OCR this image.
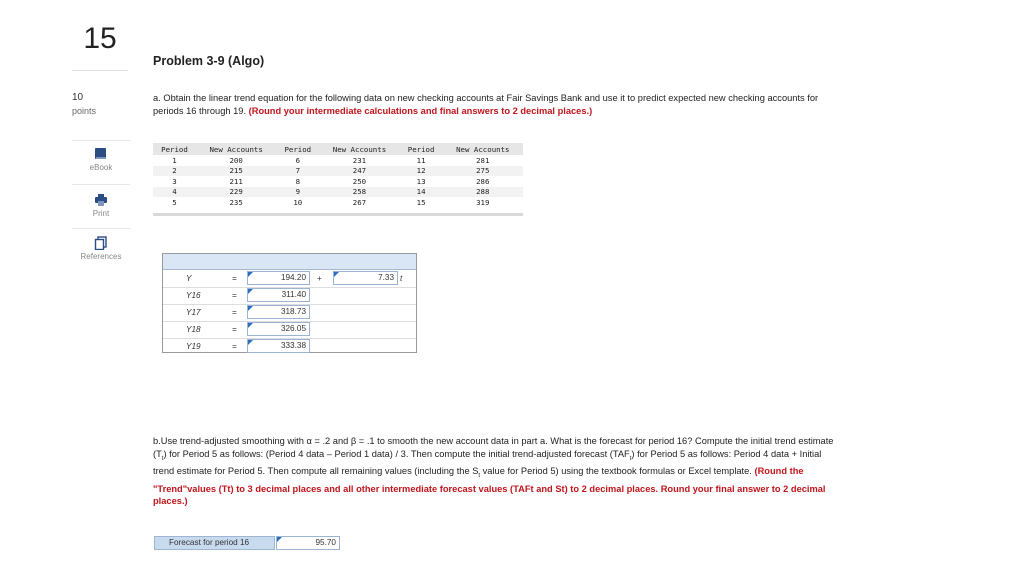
15
10
points
eBook
Print
References
Problem 3-9 (Algo)
a. Obtain the linear trend equation for the following data on new checking accounts at Fair Savings Bank and use it to predict expected new checking accounts for periods 16 through 19. (Round your intermediate calculations and final answers to 2 decimal places.)
Period	New Accounts	Period	New Accounts	Period	New Accounts
1	200	6	231	11	281
2	215	7	247	12	275
3	211	8	250	13	286
4	229	9	258	14	288
5	235	10	267	15	319
Y	=	194.20	+	7.33 t
Y16	=	311.40
Y17	=	318.73
Y18	=	326.05
Y19	=	333.38
b.Use trend-adjusted smoothing with α = .2 and β = .1 to smooth the new account data in part a. What is the forecast for period 16? Compute the initial trend estimate $(T_t)$ for Period 5 as follows: (Period 4 data – Period 1 data) / 3. Then compute the initial trend-adjusted forecast $(TAF_t)$ for Period 5 as follows: Period 4 data + Initial trend estimate for Period 5. Then compute all remaining values (including the $S_t$ value for Period 5) using the textbook formulas or Excel template. (Round the "Trend"values (Tt) to 3 decimal places and all other intermediate forecast values (TAFt and St) to 2 decimal places. Round your final answer to 2 decimal places.)
Forecast for period 16	95.70
